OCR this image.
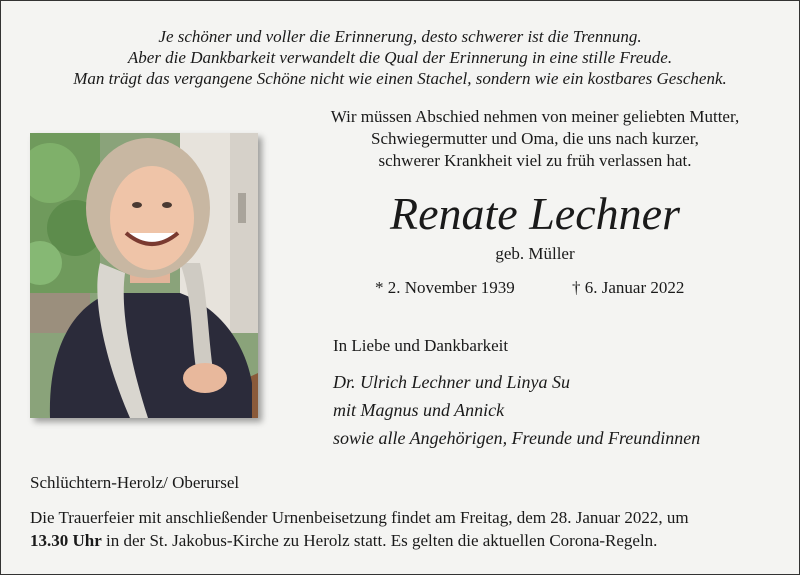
Je schöner und voller die Erinnerung, desto schwerer ist die Trennung.
Aber die Dankbarkeit verwandelt die Qual der Erinnerung in eine stille Freude.
Man trägt das vergangene Schöne nicht wie einen Stachel, sondern wie ein kostbares Geschenk.
Wir müssen Abschied nehmen von meiner geliebten Mutter,
Schwiegermutter und Oma, die uns nach kurzer,
schwerer Krankheit viel zu früh verlassen hat.
Renate Lechner
geb. Müller
* 2. November 1939	† 6. Januar 2022
In Liebe und Dankbarkeit
Dr. Ulrich Lechner und Linya Su
mit Magnus und Annick
sowie alle Angehörigen, Freunde und Freundinnen
Schlüchtern-Herolz/ Oberursel
Die Trauerfeier mit anschließender Urnenbeisetzung findet am Freitag, dem 28. Januar 2022, um
13.30 Uhr in der St. Jakobus-Kirche zu Herolz statt. Es gelten die aktuellen Corona-Regeln.
